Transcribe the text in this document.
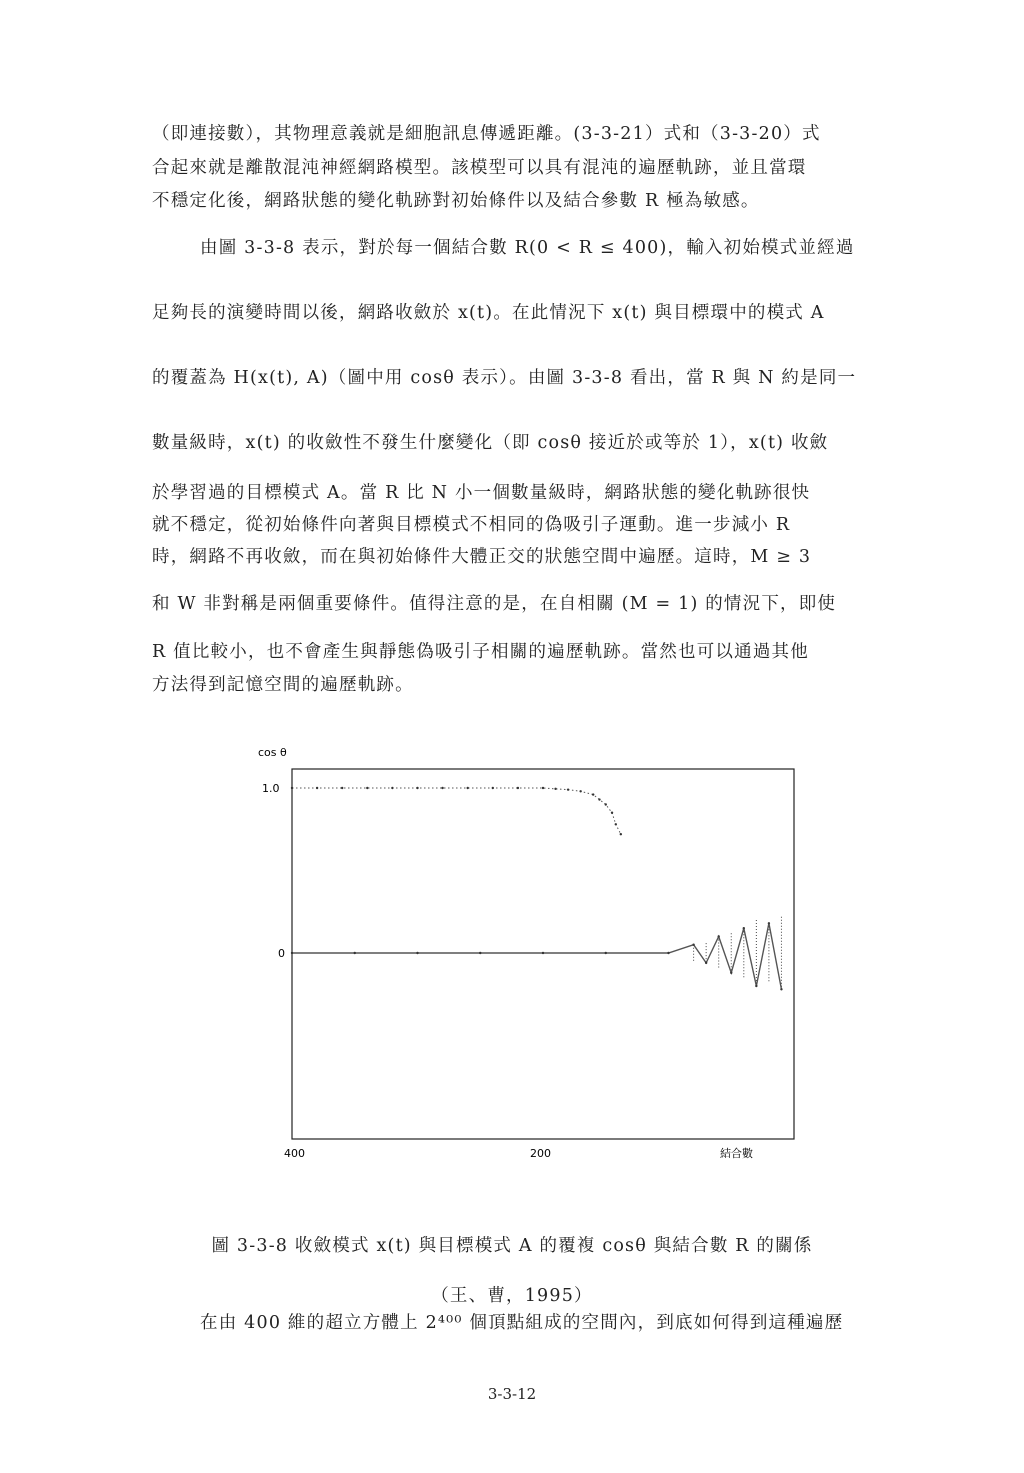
（即連接數），其物理意義就是細胞訊息傳遞距離。(3-3-21）式和（3-3-20）式

合起來就是離散混沌神經網路模型。該模型可以具有混沌的遍歷軌跡，並且當環

不穩定化後，網路狀態的變化軌跡對初始條件以及結合參數 R 極為敏感。

由圖 3-3-8 表示，對於每一個結合數 R(0 < R ≤ 400)，輸入初始模式並經過

足夠長的演變時間以後，網路收斂於 x(t)。在此情況下 x(t) 與目標環中的模式 A

的覆蓋為 H(x(t), A)（圖中用 cosθ 表示）。由圖 3-3-8 看出，當 R 與 N 約是同一

數量級時，x(t) 的收斂性不發生什麼變化（即 cosθ 接近於或等於 1），x(t) 收斂

於學習過的目標模式 A。當 R 比 N 小一個數量級時，網路狀態的變化軌跡很快

就不穩定，從初始條件向著與目標模式不相同的偽吸引子運動。進一步減小 R

時，網路不再收斂，而在與初始條件大體正交的狀態空間中遍歷。這時，M ≥ 3

和 W 非對稱是兩個重要條件。值得注意的是，在自相關 (M = 1) 的情況下，即使

R 值比較小，也不會產生與靜態偽吸引子相關的遍歷軌跡。當然也可以通過其他

方法得到記憶空間的遍歷軌跡。

cos θ
結合數
1.0
0
400	200

圖 3-3-8 收斂模式 x(t) 與目標模式 A 的覆複 cosθ 與結合數 R 的關係

（王、曹，1995）

在由 400 維的超立方體上 2⁴⁰⁰ 個頂點組成的空間內，到底如何得到這種遍歷

3-3-12
